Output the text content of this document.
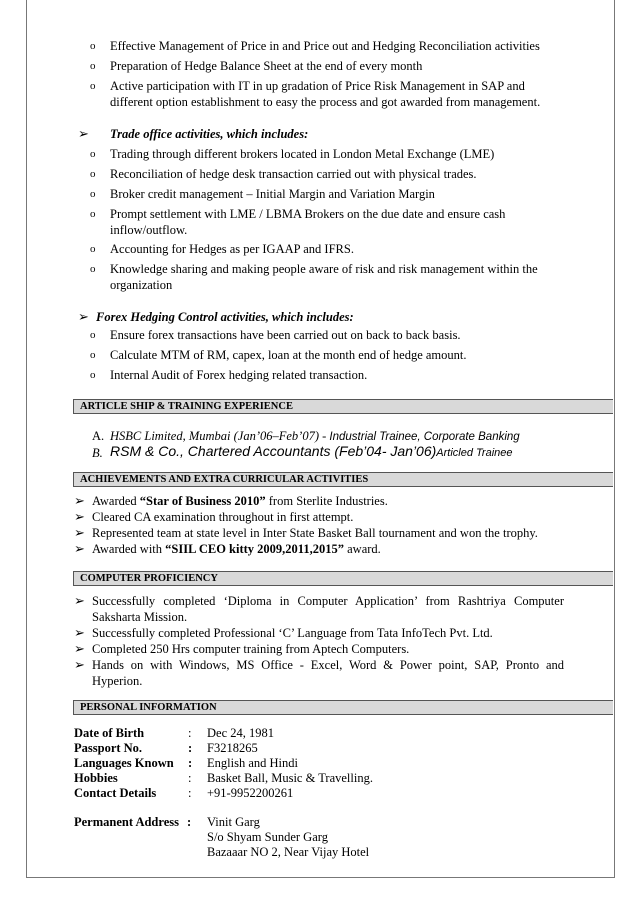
o Effective Management of Price in and Price out and Hedging Reconciliation activities
o Preparation of Hedge Balance Sheet at the end of every month
o Active participation with IT in up gradation of Price Risk Management in SAP and
different option establishment to easy the process and got awarded from management.
➢ Trade office activities, which includes:
o Trading through different brokers located in London Metal Exchange (LME)
o Reconciliation of hedge desk transaction carried out with physical trades.
o Broker credit management – Initial Margin and Variation Margin
o Prompt settlement with LME / LBMA Brokers on the due date and ensure cash
inflow/outflow.
o Accounting for Hedges as per IGAAP and IFRS.
o Knowledge sharing and making people aware of risk and risk management within the
organization
➢ Forex Hedging Control activities, which includes:
o Ensure forex transactions have been carried out on back to back basis.
o Calculate MTM of RM, capex, loan at the month end of hedge amount.
o Internal Audit of Forex hedging related transaction.
ARTICLE SHIP & TRAINING EXPERIENCE
A. HSBC Limited, Mumbai (Jan’06–Feb’07) - Industrial Trainee, Corporate Banking
B. RSM & Co., Chartered Accountants (Feb’04- Jan’06)Articled Trainee
ACHIEVEMENTS AND EXTRA CURRICULAR ACTIVITIES
➢ Awarded “Star of Business 2010” from Sterlite Industries.
➢ Cleared CA examination throughout in first attempt.
➢ Represented team at state level in Inter State Basket Ball tournament and won the trophy.
➢ Awarded with “SIIL CEO kitty 2009,2011,2015” award.
COMPUTER PROFICIENCY
➢ Successfully completed ‘Diploma in Computer Application’ from Rashtriya Computer
Saksharta Mission.
➢ Successfully completed Professional ‘C’ Language from Tata InfoTech Pvt. Ltd.
➢ Completed 250 Hrs computer training from Aptech Computers.
➢ Hands on with Windows, MS Office - Excel, Word & Power point, SAP, Pronto and
Hyperion.
PERSONAL INFORMATION
Date of Birth	: Dec 24, 1981
Passport No.	: F3218265
Languages Known : English and Hindi
Hobbies	: Basket Ball, Music & Travelling.
Contact Details	: +91-9952200261
Permanent Address : Vinit Garg
S/o Shyam Sunder Garg
Bazaaar NO 2, Near Vijay Hotel
